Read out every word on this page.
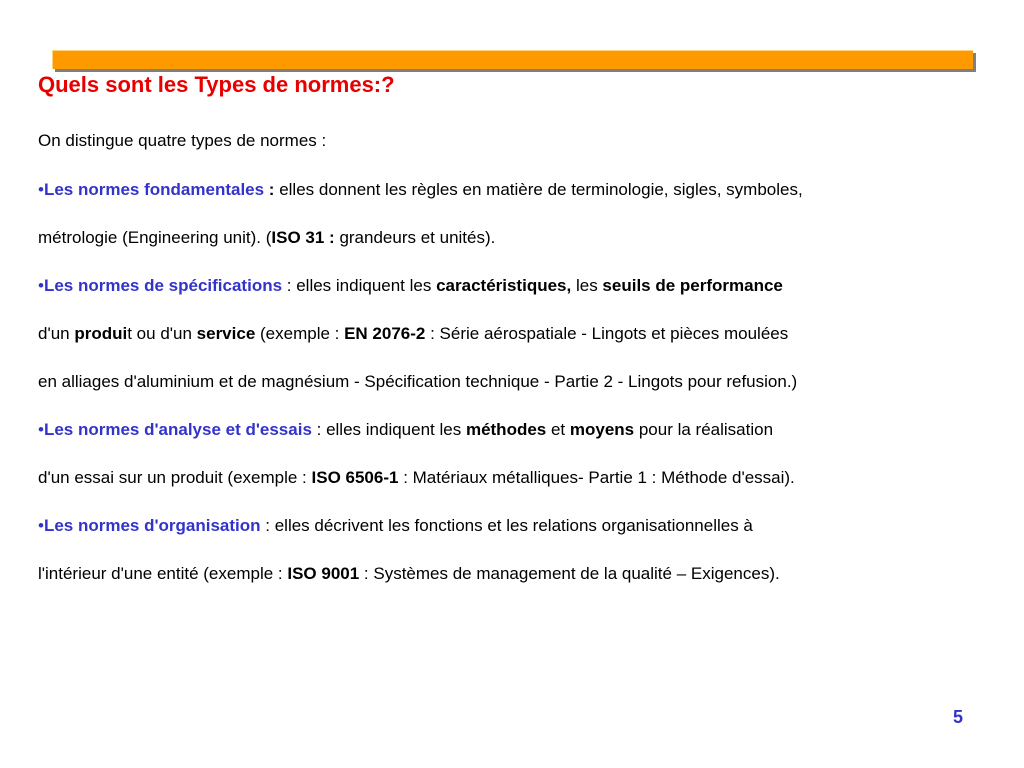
Quels sont les Types de normes:?
On distingue quatre types de normes :
•Les normes fondamentales : elles donnent les règles en matière de terminologie, sigles, symboles,
métrologie (Engineering unit). (ISO 31 : grandeurs et unités).
•Les normes de spécifications : elles indiquent les caractéristiques, les seuils de performance
d'un produit ou d'un service (exemple : EN 2076-2 : Série aérospatiale - Lingots et pièces moulées
en alliages d'aluminium et de magnésium - Spécification technique - Partie 2 - Lingots pour refusion.)
•Les normes d'analyse et d'essais : elles indiquent les méthodes et moyens pour la réalisation
d'un essai sur un produit (exemple : ISO 6506-1 : Matériaux métalliques- Partie 1 : Méthode d'essai).
•Les normes d'organisation : elles décrivent les fonctions et les relations organisationnelles à
l'intérieur d'une entité (exemple : ISO 9001 : Systèmes de management de la qualité – Exigences).
5
